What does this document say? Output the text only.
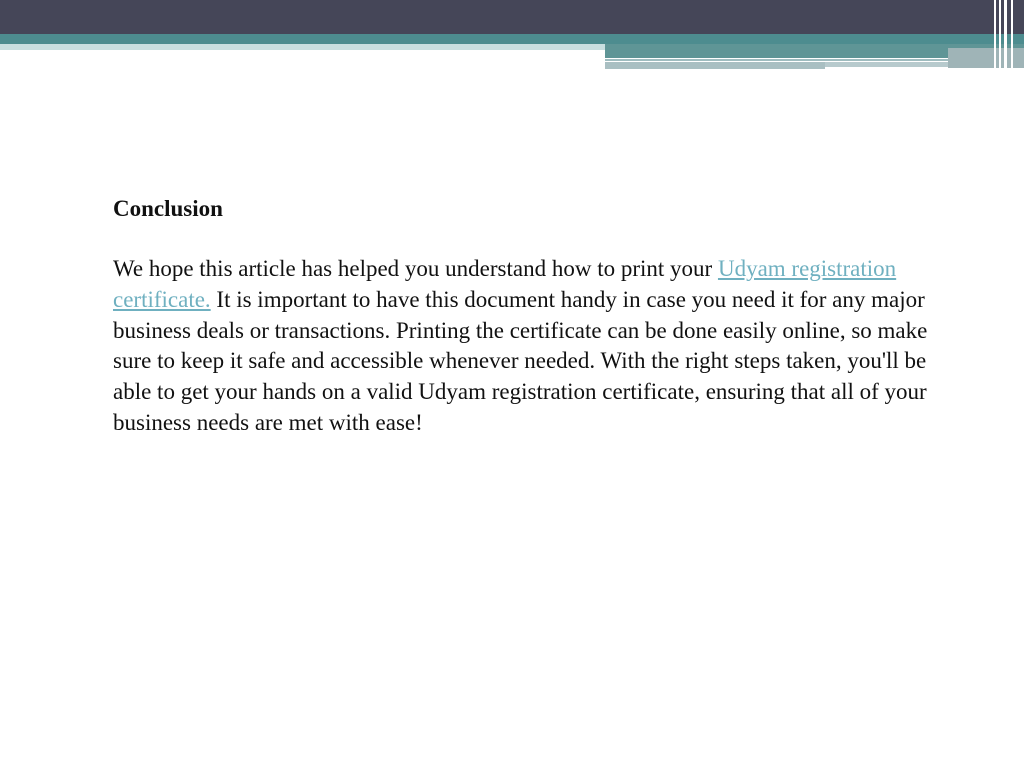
Conclusion

We hope this article has helped you understand how to print your Udyam registration certificate. It is important to have this document handy in case you need it for any major business deals or transactions. Printing the certificate can be done easily online, so make sure to keep it safe and accessible whenever needed. With the right steps taken, you'll be able to get your hands on a valid Udyam registration certificate, ensuring that all of your business needs are met with ease!
